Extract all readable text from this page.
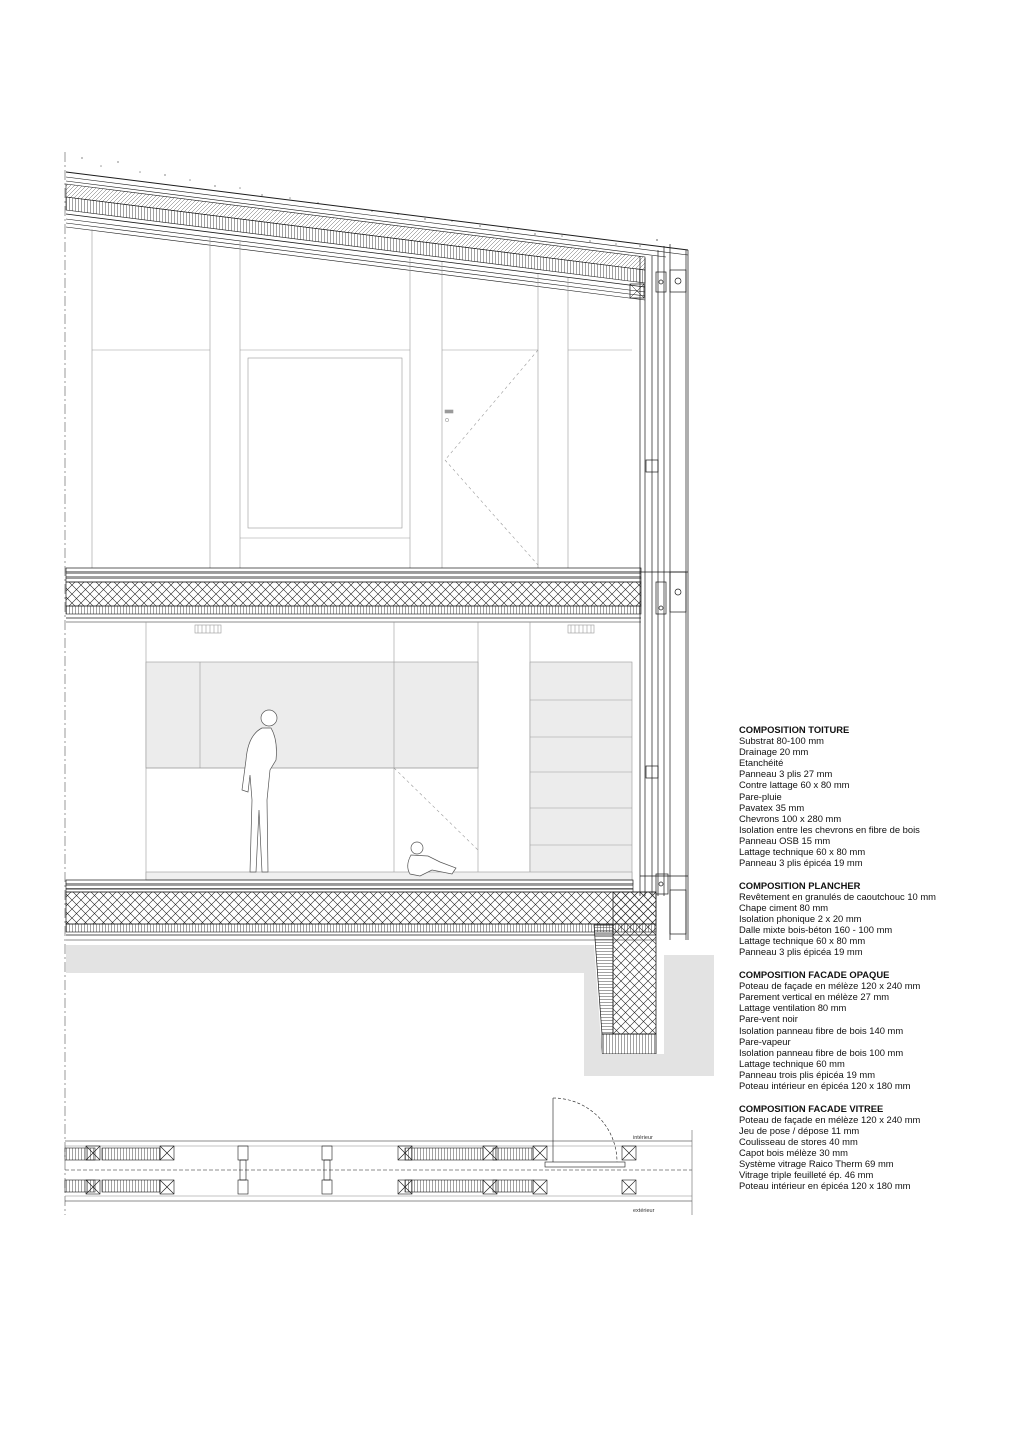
intérieur
extérieur
COMPOSITION TOITURE
Substrat 80-100 mm
Drainage 20 mm
Etanchéité
Panneau 3 plis 27 mm
Contre lattage 60 x 80 mm
Pare-pluie
Pavatex 35 mm
Chevrons 100 x 280 mm
Isolation entre les chevrons en fibre de bois
Panneau OSB 15 mm
Lattage technique 60 x 80 mm
Panneau 3 plis épicéa 19 mm
COMPOSITION PLANCHER
Revêtement en granulés de caoutchouc 10 mm
Chape ciment 80 mm
Isolation phonique 2 x 20 mm
Dalle mixte bois-béton 160 - 100 mm
Lattage technique 60 x 80 mm
Panneau 3 plis épicéa 19 mm
COMPOSITION FACADE OPAQUE
Poteau de façade en mélèze 120 x 240 mm
Parement vertical en mélèze 27 mm
Lattage ventilation 80 mm
Pare-vent noir
Isolation panneau fibre de bois 140 mm
Pare-vapeur
Isolation panneau fibre de bois 100 mm
Lattage technique 60 mm
Panneau trois plis épicéa 19 mm
Poteau intérieur en épicéa 120 x 180 mm
COMPOSITION FACADE VITREE
Poteau de façade en mélèze 120 x 240 mm
Jeu de pose / dépose 11 mm
Coulisseau de stores 40 mm
Capot bois mélèze 30 mm
Système vitrage Raico Therm 69 mm
Vitrage triple feuilleté ép. 46 mm
Poteau intérieur en épicéa 120 x 180 mm
